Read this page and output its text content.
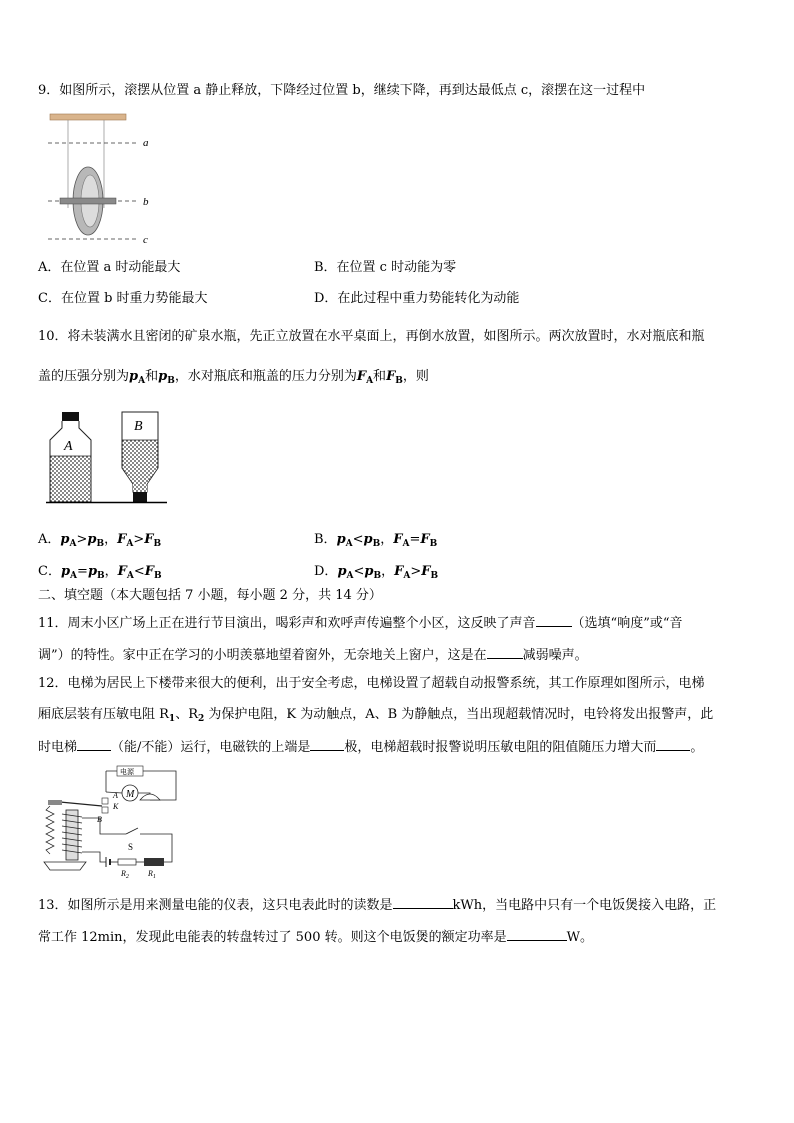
9．如图所示，滚摆从位置 a 静止释放，下降经过位置 b，继续下降，再到达最低点 c，滚摆在这一过程中
a
b
c
A．在位置 a 时动能最大	B．在位置 c 时动能为零
C．在位置 b 时重力势能最大	D．在此过程中重力势能转化为动能
10．将未装满水且密闭的矿泉水瓶，先正立放置在水平桌面上，再倒水放置，如图所示。两次放置时，水对瓶底和瓶
盖的压强分别为$p_A$和$p_B$，水对瓶底和瓶盖的压力分别为$F_A$和$F_B$，则
A
B
A．$p_A>p_B$，$F_A>F_B$	B．$p_A<p_B$，$F_A=F_B$
C．$p_A=p_B$，$F_A<F_B$	D．$p_A<p_B$，$F_A>F_B$
二、填空题（本大题包括 7 小题，每小题 2 分，共 14 分）
11．周末小区广场上正在进行节目演出，喝彩声和欢呼声传遍整个小区，这反映了声音	（选填“响度”或“音
调”）的特性。家中正在学习的小明羡慕地望着窗外，无奈地关上窗户，这是在	减弱噪声。
12．电梯为居民上下楼带来很大的便利，出于安全考虑，电梯设置了超载自动报警系统，其工作原理如图所示，电梯
厢底层装有压敏电阻 $R_1$、$R_2$ 为保护电阻，K 为动触点，A、B 为静触点，当出现超载情况时，电铃将发出报警声，此
时电梯	（能/不能）运行，电磁铁的上端是	极，电梯超载时报警说明压敏电阻的阻值随压力增大而	。
电源
M
A
K
B
S
$R_2$ $R_1$
13．如图所示是用来测量电能的仪表，这只电表此时的读数是	kWh，当电路中只有一个电饭煲接入电路，正
常工作 12min，发现此电能表的转盘转过了 500 转。则这个电饭煲的额定功率是	W。
